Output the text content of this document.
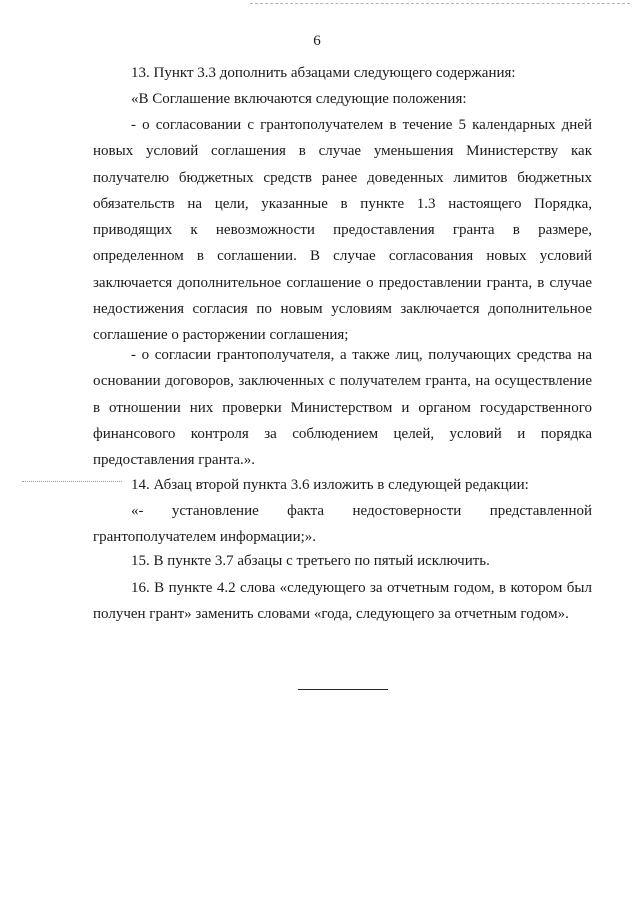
6

13. Пункт 3.3 дополнить абзацами следующего содержания:

«В Соглашение включаются следующие положения:

- о согласовании с грантополучателем в течение 5 календарных дней новых условий соглашения в случае уменьшения Министерству как получателю бюджетных средств ранее доведенных лимитов бюджетных обязательств на цели, указанные в пункте 1.3 настоящего Порядка, приводящих к невозможности предоставления гранта в размере, определенном в соглашении. В случае согласования новых условий заключается дополнительное соглашение о предоставлении гранта, в случае недостижения согласия по новым условиям заключается дополнительное соглашение о расторжении соглашения;

- о согласии грантополучателя, а также лиц, получающих средства на основании договоров, заключенных с получателем гранта, на осуществление в отношении них проверки Министерством и органом государственного финансового контроля за соблюдением целей, условий и порядка предоставления гранта.».

14. Абзац второй пункта 3.6 изложить в следующей редакции:

«- установление факта недостоверности представленной грантополучателем информации;».

15. В пункте 3.7 абзацы с третьего по пятый исключить.

16. В пункте 4.2 слова «следующего за отчетным годом, в котором был получен грант» заменить словами «года, следующего за отчетным годом».
